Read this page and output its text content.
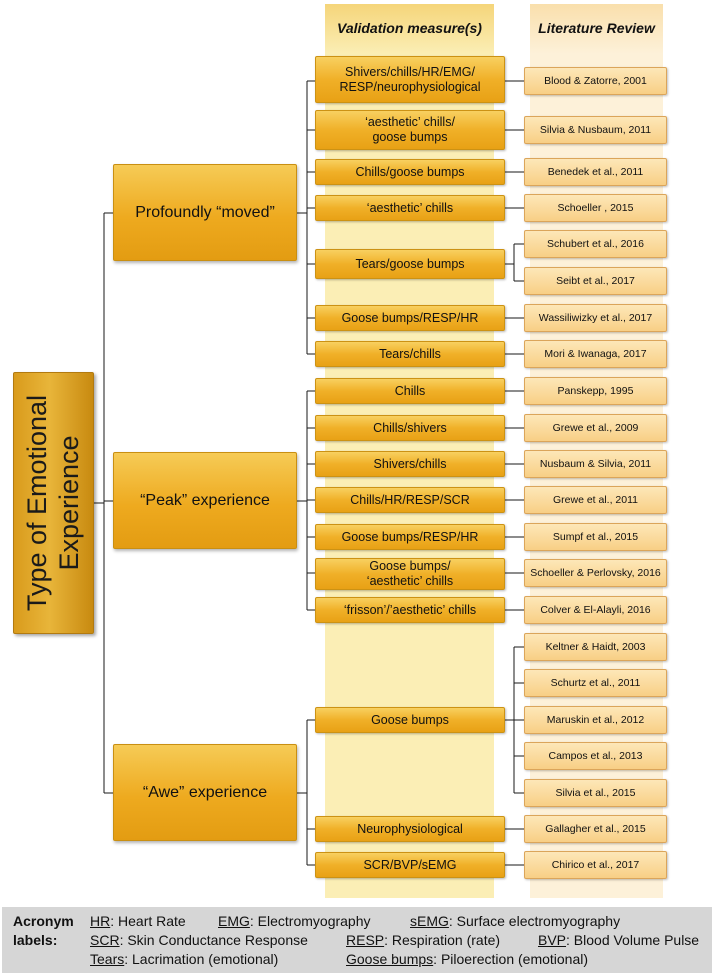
Validation measure(s)	Literature Review
Type of Emotional Experience
Profoundly “moved”
“Peak” experience
“Awe” experience
Shivers/chills/HR/EMG/
RESP/neurophysiological
‘aesthetic’ chills/
goose bumps
Chills/goose bumps
‘aesthetic’ chills
Tears/goose bumps
Goose bumps/RESP/HR
Tears/chills
Chills
Chills/shivers
Shivers/chills
Chills/HR/RESP/SCR
Goose bumps/RESP/HR
Goose bumps/
‘aesthetic’ chills
‘frisson’/’aesthetic’ chills
Goose bumps
Neurophysiological
SCR/BVP/sEMG
Blood & Zatorre, 2001
Silvia & Nusbaum, 2011
Benedek et al., 2011
Schoeller , 2015
Schubert et al., 2016
Seibt et al., 2017
Wassiliwizky et al., 2017
Mori & Iwanaga, 2017
Panskepp, 1995
Grewe et al., 2009
Nusbaum & Silvia, 2011
Grewe et al., 2011
Sumpf et al., 2015
Schoeller & Perlovsky, 2016
Colver & El-Alayli, 2016
Keltner & Haidt, 2003
Schurtz et al., 2011
Maruskin et al., 2012
Campos et al., 2013
Silvia et al., 2015
Gallagher et al., 2015
Chirico et al., 2017
Acronym
labels:
HR: Heart Rate EMG: Electromyography	sEMG: Surface electromyography
SCR: Skin Conductance Response	RESP: Respiration (rate)	BVP: Blood Volume Pulse
Tears: Lacrimation (emotional)	Goose bumps: Piloerection (emotional)
